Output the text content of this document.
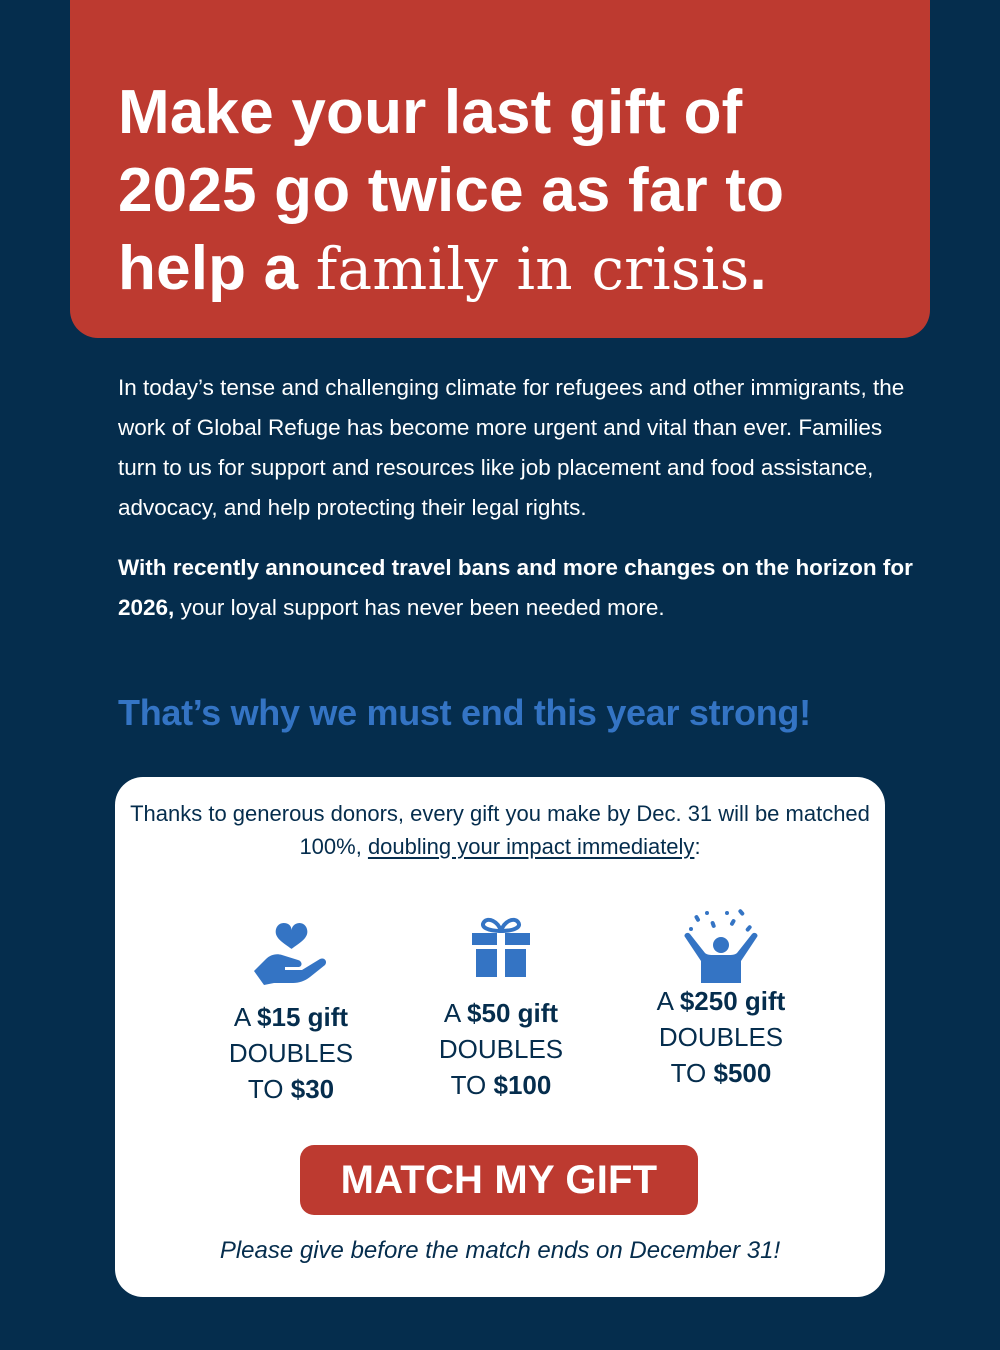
Make your last gift of
2025 go twice as far to
help a family in crisis.

In today’s tense and challenging climate for refugees and other immigrants, the work of Global Refuge has become more urgent and vital than ever. Families turn to us for support and resources like job placement and food assistance, advocacy, and help protecting their legal rights.

With recently announced travel bans and more changes on the horizon for 2026, your loyal support has never been needed more.

That’s why we must end this year strong!

Thanks to generous donors, every gift you make by Dec. 31 will be matched 100%, doubling your impact immediately:

A $15 gift
DOUBLES
TO $30

A $50 gift
DOUBLES
TO $100

A $250 gift
DOUBLES
TO $500

MATCH MY GIFT

Please give before the match ends on December 31!
